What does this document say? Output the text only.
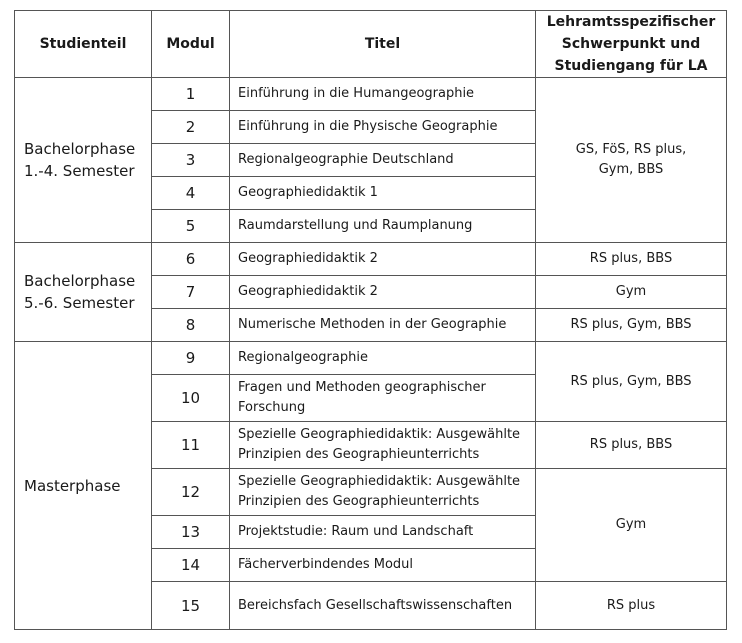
Studienteil	Modul	Titel	Lehramtsspezifischer
Schwerpunkt und
Studiengang für LA
Bachelorphase
1.-4. Semester	1	Einführung in die Humangeographie	GS, FöS, RS plus,
Gym, BBS
	2	Einführung in die Physische Geographie	
	3	Regionalgeographie Deutschland	
	4	Geographiedidaktik 1	
	5	Raumdarstellung und Raumplanung	
Bachelorphase
5.-6. Semester	6	Geographiedidaktik 2	RS plus, BBS
	7	Geographiedidaktik 2	Gym
	8	Numerische Methoden in der Geographie	RS plus, Gym, BBS
Masterphase	9	Regionalgeographie	RS plus, Gym, BBS
	10	Fragen und Methoden geographischer
Forschung	
	11	Spezielle Geographiedidaktik: Ausgewählte
Prinzipien des Geographieunterrichts	RS plus, BBS
	12	Spezielle Geographiedidaktik: Ausgewählte
Prinzipien des Geographieunterrichts	Gym
	13	Projektstudie: Raum und Landschaft	
	14	Fächerverbindendes Modul	
	15	Bereichsfach Gesellschaftswissenschaften	RS plus
